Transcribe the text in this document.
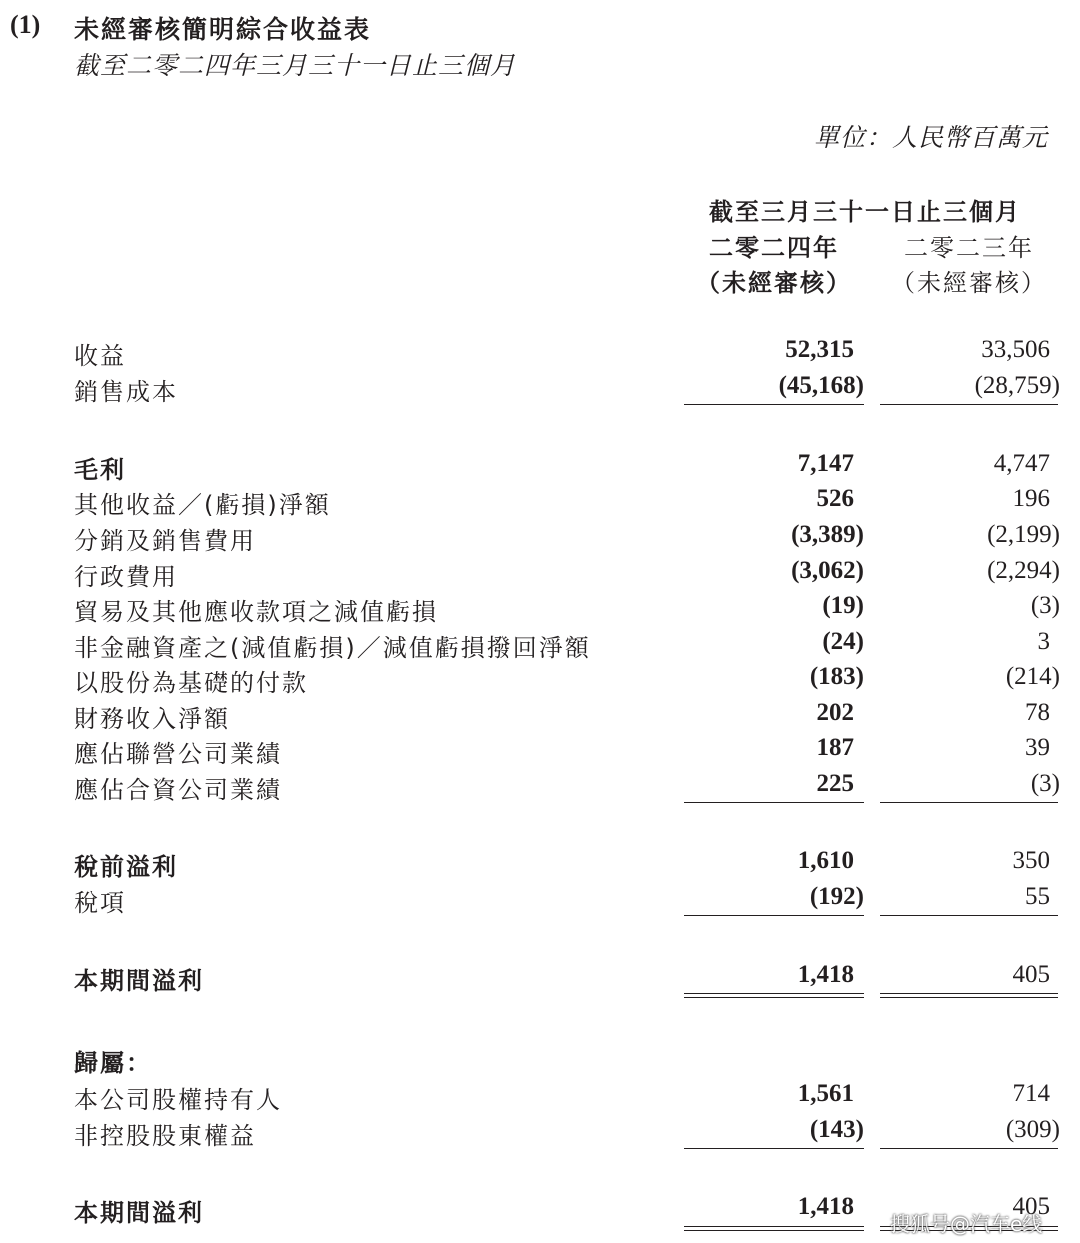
(1) 未經審核簡明綜合收益表
截至二零二四年三月三十一日止三個月
單位：人民幣百萬元
截至三月三十一日止三個月
二零二四年
（未經審核）
二零二三年
（未經審核）
收益	52,315	33,506
銷售成本	(45,168)	(28,759)
毛利	7,147	4,747
其他收益／(虧損)淨額	526	196
分銷及銷售費用	(3,389)	(2,199)
行政費用	(3,062)	(2,294)
貿易及其他應收款項之減值虧損	(19)	(3)
非金融資產之(減值虧損)／減值虧損撥回淨額	(24)	3
以股份為基礎的付款	(183)	(214)
財務收入淨額	202	78
應佔聯營公司業績	187	39
應佔合資公司業績	225	(3)
稅前溢利	1,610	350
稅項	(192)	55
本期間溢利	1,418	405
歸屬：
本公司股權持有人	1,561	714
非控股股東權益	(143)	(309)
本期間溢利	1,418	405
搜狐号@汽车e线
